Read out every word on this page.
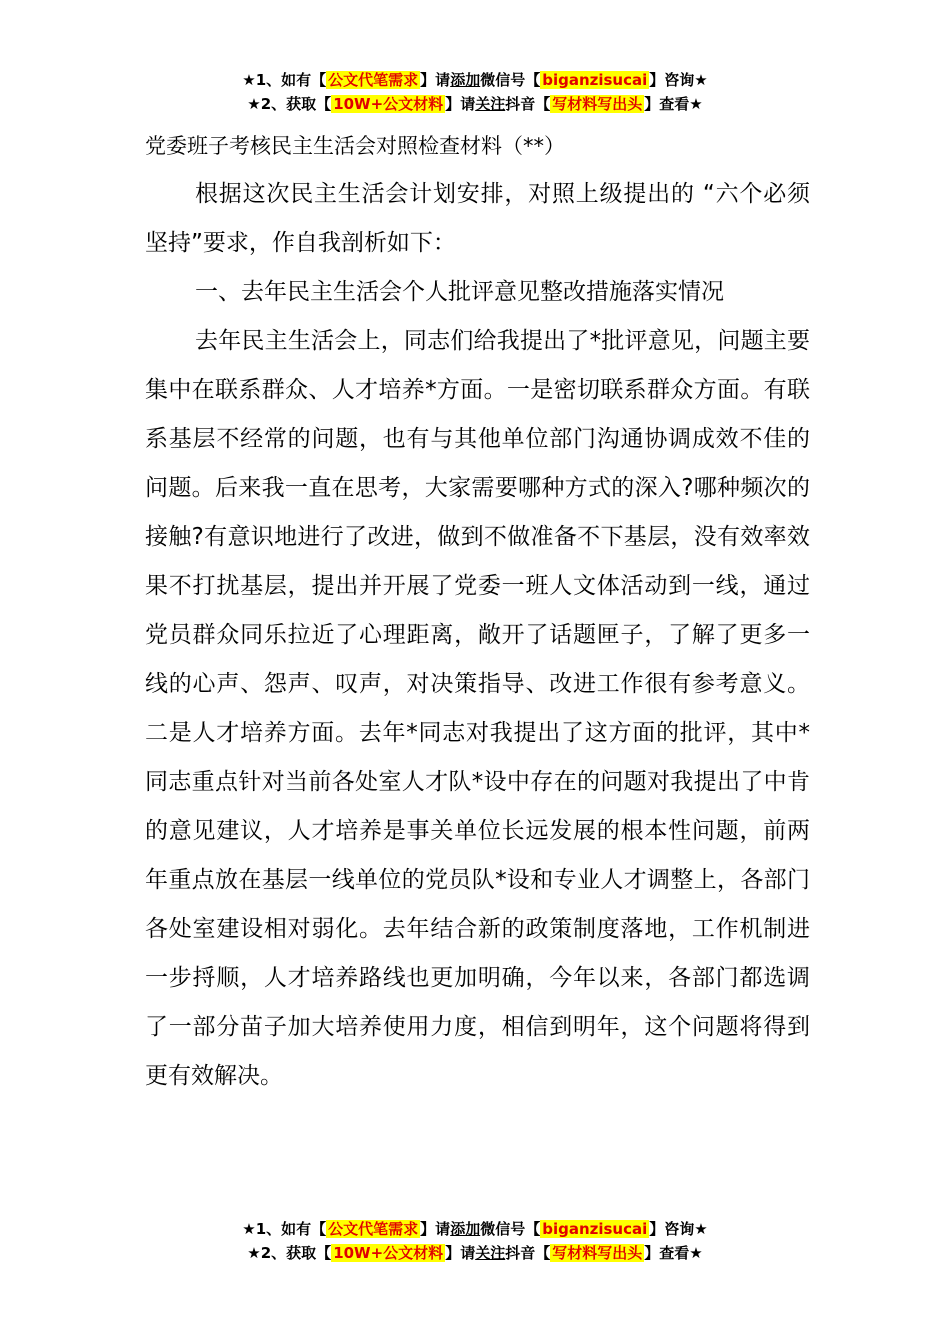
★1、如有【 公文代笔需求 】请添加微信号【 biganzisucai 】咨询★
★2、获取【 10W+公文材料 】请关注抖音【 写材料写出头 】查看★
党委班子考核民主生活会对照检查材料（**）

根据这次民主生活会计划安排，对照上级提出的 “六个必须坚持”要求，作自我剖析如下：

一、去年民主生活会个人批评意见整改措施落实情况

去年民主生活会上，同志们给我提出了*批评意见，问题主要集中在联系群众、人才培养*方面。一是密切联系群众方面。有联系基层不经常的问题，也有与其他单位部门沟通协调成效不佳的问题。后来我一直在思考，大家需要哪种方式的深入?哪种频次的接触?有意识地进行了改进，做到不做准备不下基层，没有效率效果不打扰基层，提出并开展了党委一班人文体活动到一线，通过党员群众同乐拉近了心理距离，敞开了话题匣子，了解了更多一线的心声、怨声、叹声，对决策指导、改进工作很有参考意义。二是人才培养方面。去年*同志对我提出了这方面的批评，其中*同志重点针对当前各处室人才队*设中存在的问题对我提出了中肯的意见建议，人才培养是事关单位长远发展的根本性问题，前两年重点放在基层一线单位的党员队*设和专业人才调整上，各部门各处室建设相对弱化。去年结合新的政策制度落地，工作机制进一步捋顺，人才培养路线也更加明确，今年以来，各部门都选调了一部分苗子加大培养使用力度，相信到明年，这个问题将得到更有效解决。

★1、如有【 公文代笔需求 】请添加微信号【 biganzisucai 】咨询★
★2、获取【 10W+公文材料 】请关注抖音【 写材料写出头 】查看★
